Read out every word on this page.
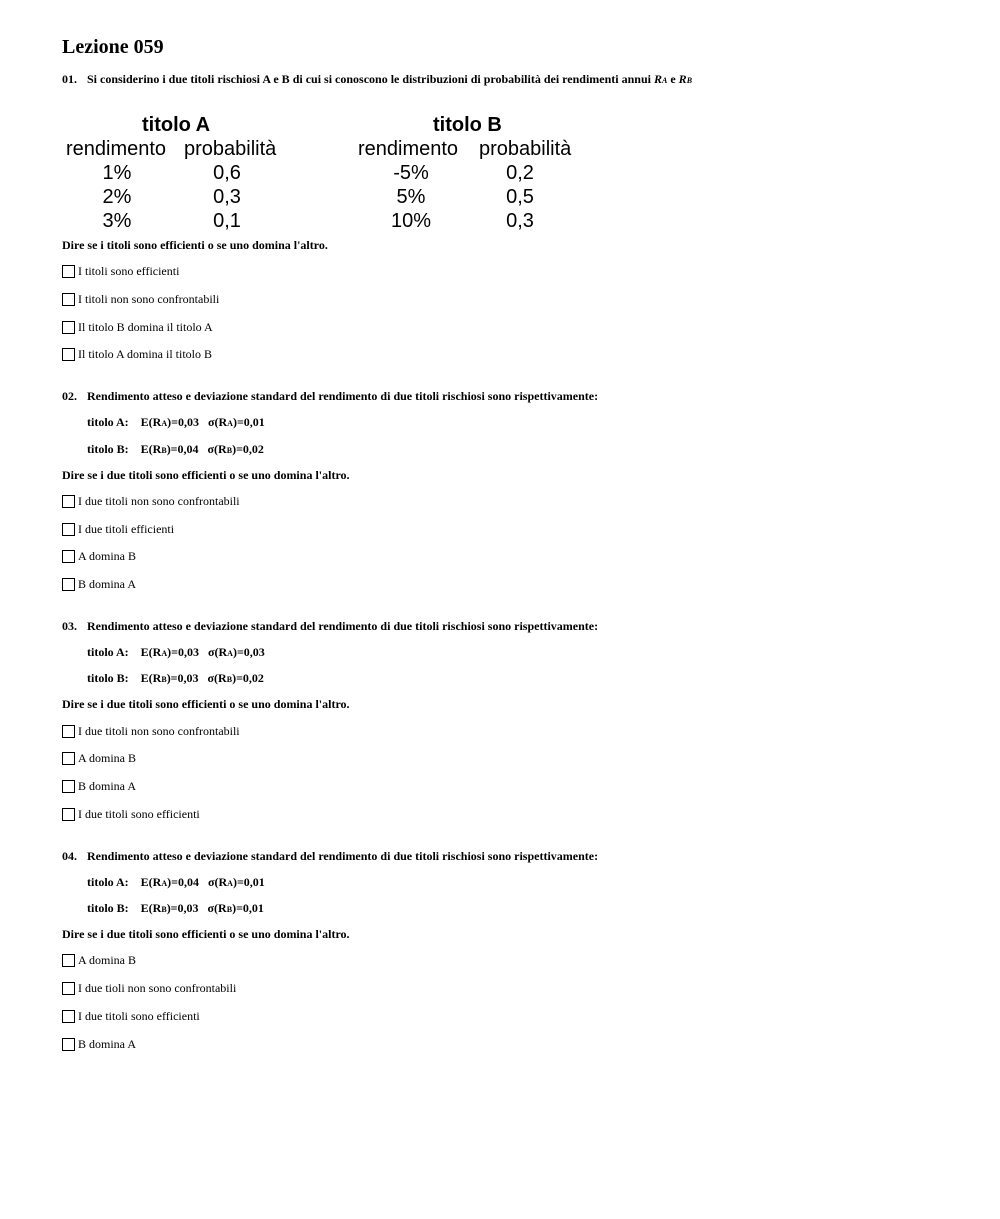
Lezione 059
01. Si considerino i due titoli rischiosi A e B di cui si conoscono le distribuzioni di probabilità dei rendimenti annui RA e RB
titolo A
rendimento probabilità
1%	0,6
2%	0,3
3%	0,1
titolo B
rendimento probabilità
-5%	0,2
5%	0,5
10%	0,3
Dire se i titoli sono efficienti o se uno domina l'altro.
I titoli sono efficienti
I titoli non sono confrontabili
Il titolo B domina il titolo A
Il titolo A domina il titolo B
02. Rendimento atteso e deviazione standard del rendimento di due titoli rischiosi sono rispettivamente:
titolo A: E(RA)=0,03 σ(RA)=0,01
titolo B: E(RB)=0,04 σ(RB)=0,02
Dire se i due titoli sono efficienti o se uno domina l'altro.
I due titoli non sono confrontabili
I due titoli efficienti
A domina B
B domina A
03. Rendimento atteso e deviazione standard del rendimento di due titoli rischiosi sono rispettivamente:
titolo A: E(RA)=0,03 σ(RA)=0,03
titolo B: E(RB)=0,03 σ(RB)=0,02
Dire se i due titoli sono efficienti o se uno domina l'altro.
I due titoli non sono confrontabili
A domina B
B domina A
I due titoli sono efficienti
04. Rendimento atteso e deviazione standard del rendimento di due titoli rischiosi sono rispettivamente:
titolo A: E(RA)=0,04 σ(RA)=0,01
titolo B: E(RB)=0,03 σ(RB)=0,01
Dire se i due titoli sono efficienti o se uno domina l'altro.
A domina B
I due tioli non sono confrontabili
I due titoli sono efficienti
B domina A
